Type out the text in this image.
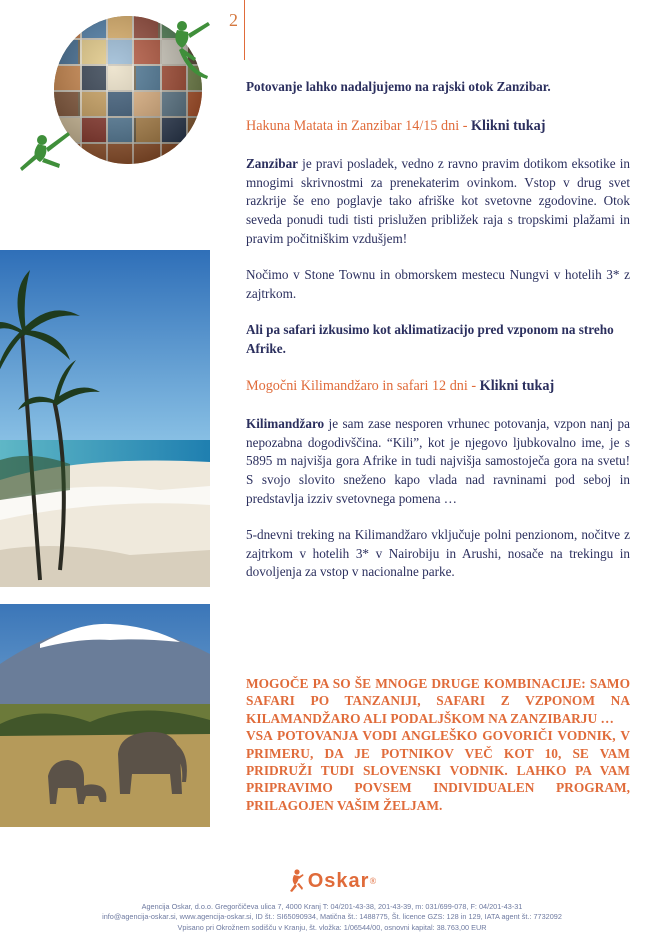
2

Potovanje lahko nadaljujemo na rajski otok Zanzibar.

Hakuna Matata in Zanzibar 14/15 dni - Klikni tukaj

Zanzibar je pravi posladek, vedno z ravno pravim dotikom eksotike in mnogimi skrivnostmi za prenekaterim ovinkom. Vstop v drug svet razkrije še eno poglavje tako afriške kot svetovne zgodovine. Otok seveda ponudi tudi tisti prislužen približek raja s tropskimi plažami in pravim počitniškim vzdušjem!

Nočimo v Stone Townu in obmorskem mestecu Nungvi v hotelih 3* z zajtrkom.

Ali pa safari izkusimo kot aklimatizacijo pred vzponom na streho Afrike.

Mogočni Kilimandžaro in safari 12 dni - Klikni tukaj

Kilimandžaro je sam zase nesporen vrhunec potovanja, vzpon nanj pa nepozabna dogodivščina. “Kili”, kot je njegovo ljubkovalno ime, je s 5895 m najvišja gora Afrike in tudi najvišja samostoječa gora na svetu! S svojo slovito sneženo kapo vlada nad ravninami pod seboj in predstavlja izziv svetovnega pomena …

5-dnevni treking na Kilimandžaro vključuje polni penzionom, nočitve z zajtrkom v hotelih 3* v Nairobiju in Arushi, nosače na trekingu in dovoljenja za vstop v nacionalne parke.

MOGOČE PA SO ŠE MNOGE DRUGE KOMBINACIJE: SAMO SAFARI PO TANZANIJI, SAFARI Z VZPONOM NA KILAMANDŽARO ALI PODALJŠKOM NA ZANZIBARJU …

VSA POTOVANJA VODI ANGLEŠKO GOVORIČI VODNIK, V PRIMERU, DA JE POTNIKOV VEČ KOT 10, SE VAM PRIDRUŽI TUDI SLOVENSKI VODNIK. LAHKO PA VAM PRIPRAVIMO POVSEM INDIVIDUALEN PROGRAM, PRILAGOJEN VAŠIM ŽELJAM.

Oskar ®
Agencija Oskar, d.o.o. Gregorčičeva ulica 7, 4000 Kranj T: 04/201-43-38, 201-43-39, m: 031/699-078, F: 04/201-43-31
info@agencija-oskar.si, www.agencija-oskar.si, ID št.: SI65090934, Matična št.: 1488775, Št. licence GZS: 128 in 129, IATA agent št.: 7732092
Vpisano pri Okrožnem sodišču v Kranju, št. vložka: 1/06544/00, osnovni kapital: 38.763,00 EUR
